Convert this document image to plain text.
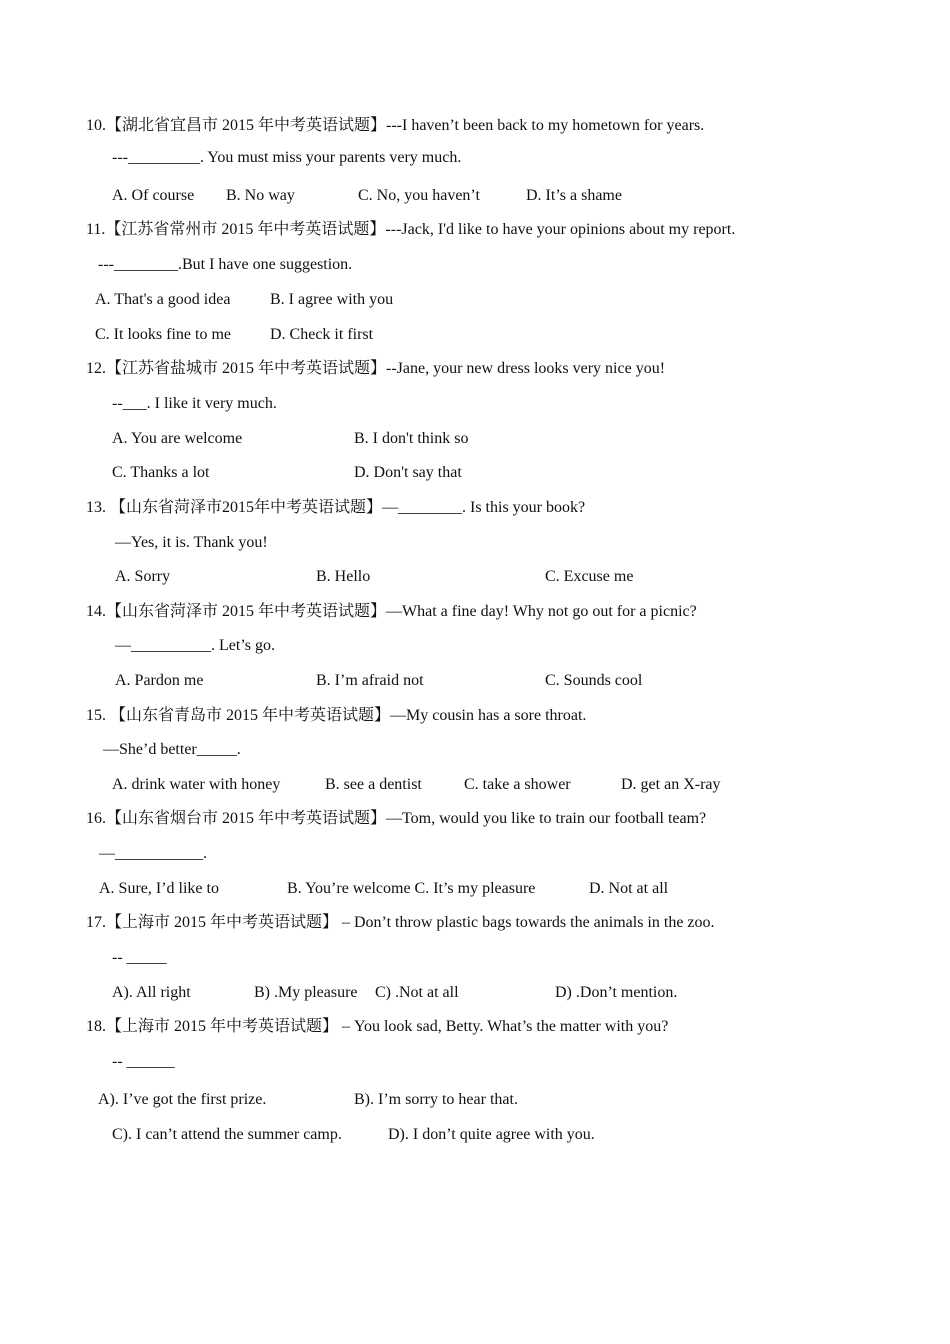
10.【湖北省宜昌市 2015 年中考英语试题】---I haven’t been back to my hometown for years.
---_________. You must miss your parents very much.
A. Of course B. No way	C. No, you haven’t	D. It’s a shame
11.【江苏省常州市 2015 年中考英语试题】---Jack, I'd like to have your opinions about my report.
---________.But I have one suggestion.
A. That's a good idea B. I agree with you
C. It looks fine to me D. Check it first
12.【江苏省盐城市 2015 年中考英语试题】--Jane, your new dress looks very nice you!
--___. I like it very much.
A. You are welcome	B. I don't think so
C. Thanks a lot	D. Don't say that
13. 【山东省菏泽市2015年中考英语试题】—________. Is this your book?
—Yes, it is. Thank you!
A. Sorry	B. Hello	C. Excuse me
14.【山东省菏泽市 2015 年中考英语试题】—What a fine day! Why not go out for a picnic?
—__________. Let’s go.
A. Pardon me	B. I’m afraid not	C. Sounds cool
15. 【山东省青岛市 2015 年中考英语试题】—My cousin has a sore throat.
—She’d better_____.
A. drink water with honey	B. see a dentist	C. take a shower	D. get an X-ray
16.【山东省烟台市 2015 年中考英语试题】—Tom, would you like to train our football team?
—___________.
A. Sure, I’d like to	B. You’re welcome C. It’s my pleasure	D. Not at all
17.【上海市 2015 年中考英语试题】 – Don’t throw plastic bags towards the animals in the zoo.
-- _____
A). All right	B) .My pleasure C) .Not at all	D) .Don’t mention.
18.【上海市 2015 年中考英语试题】 – You look sad, Betty. What’s the matter with you?
-- ______
A). I’ve got the first prize.	B). I’m sorry to hear that.
C). I can’t attend the summer camp.	D). I don’t quite agree with you.
